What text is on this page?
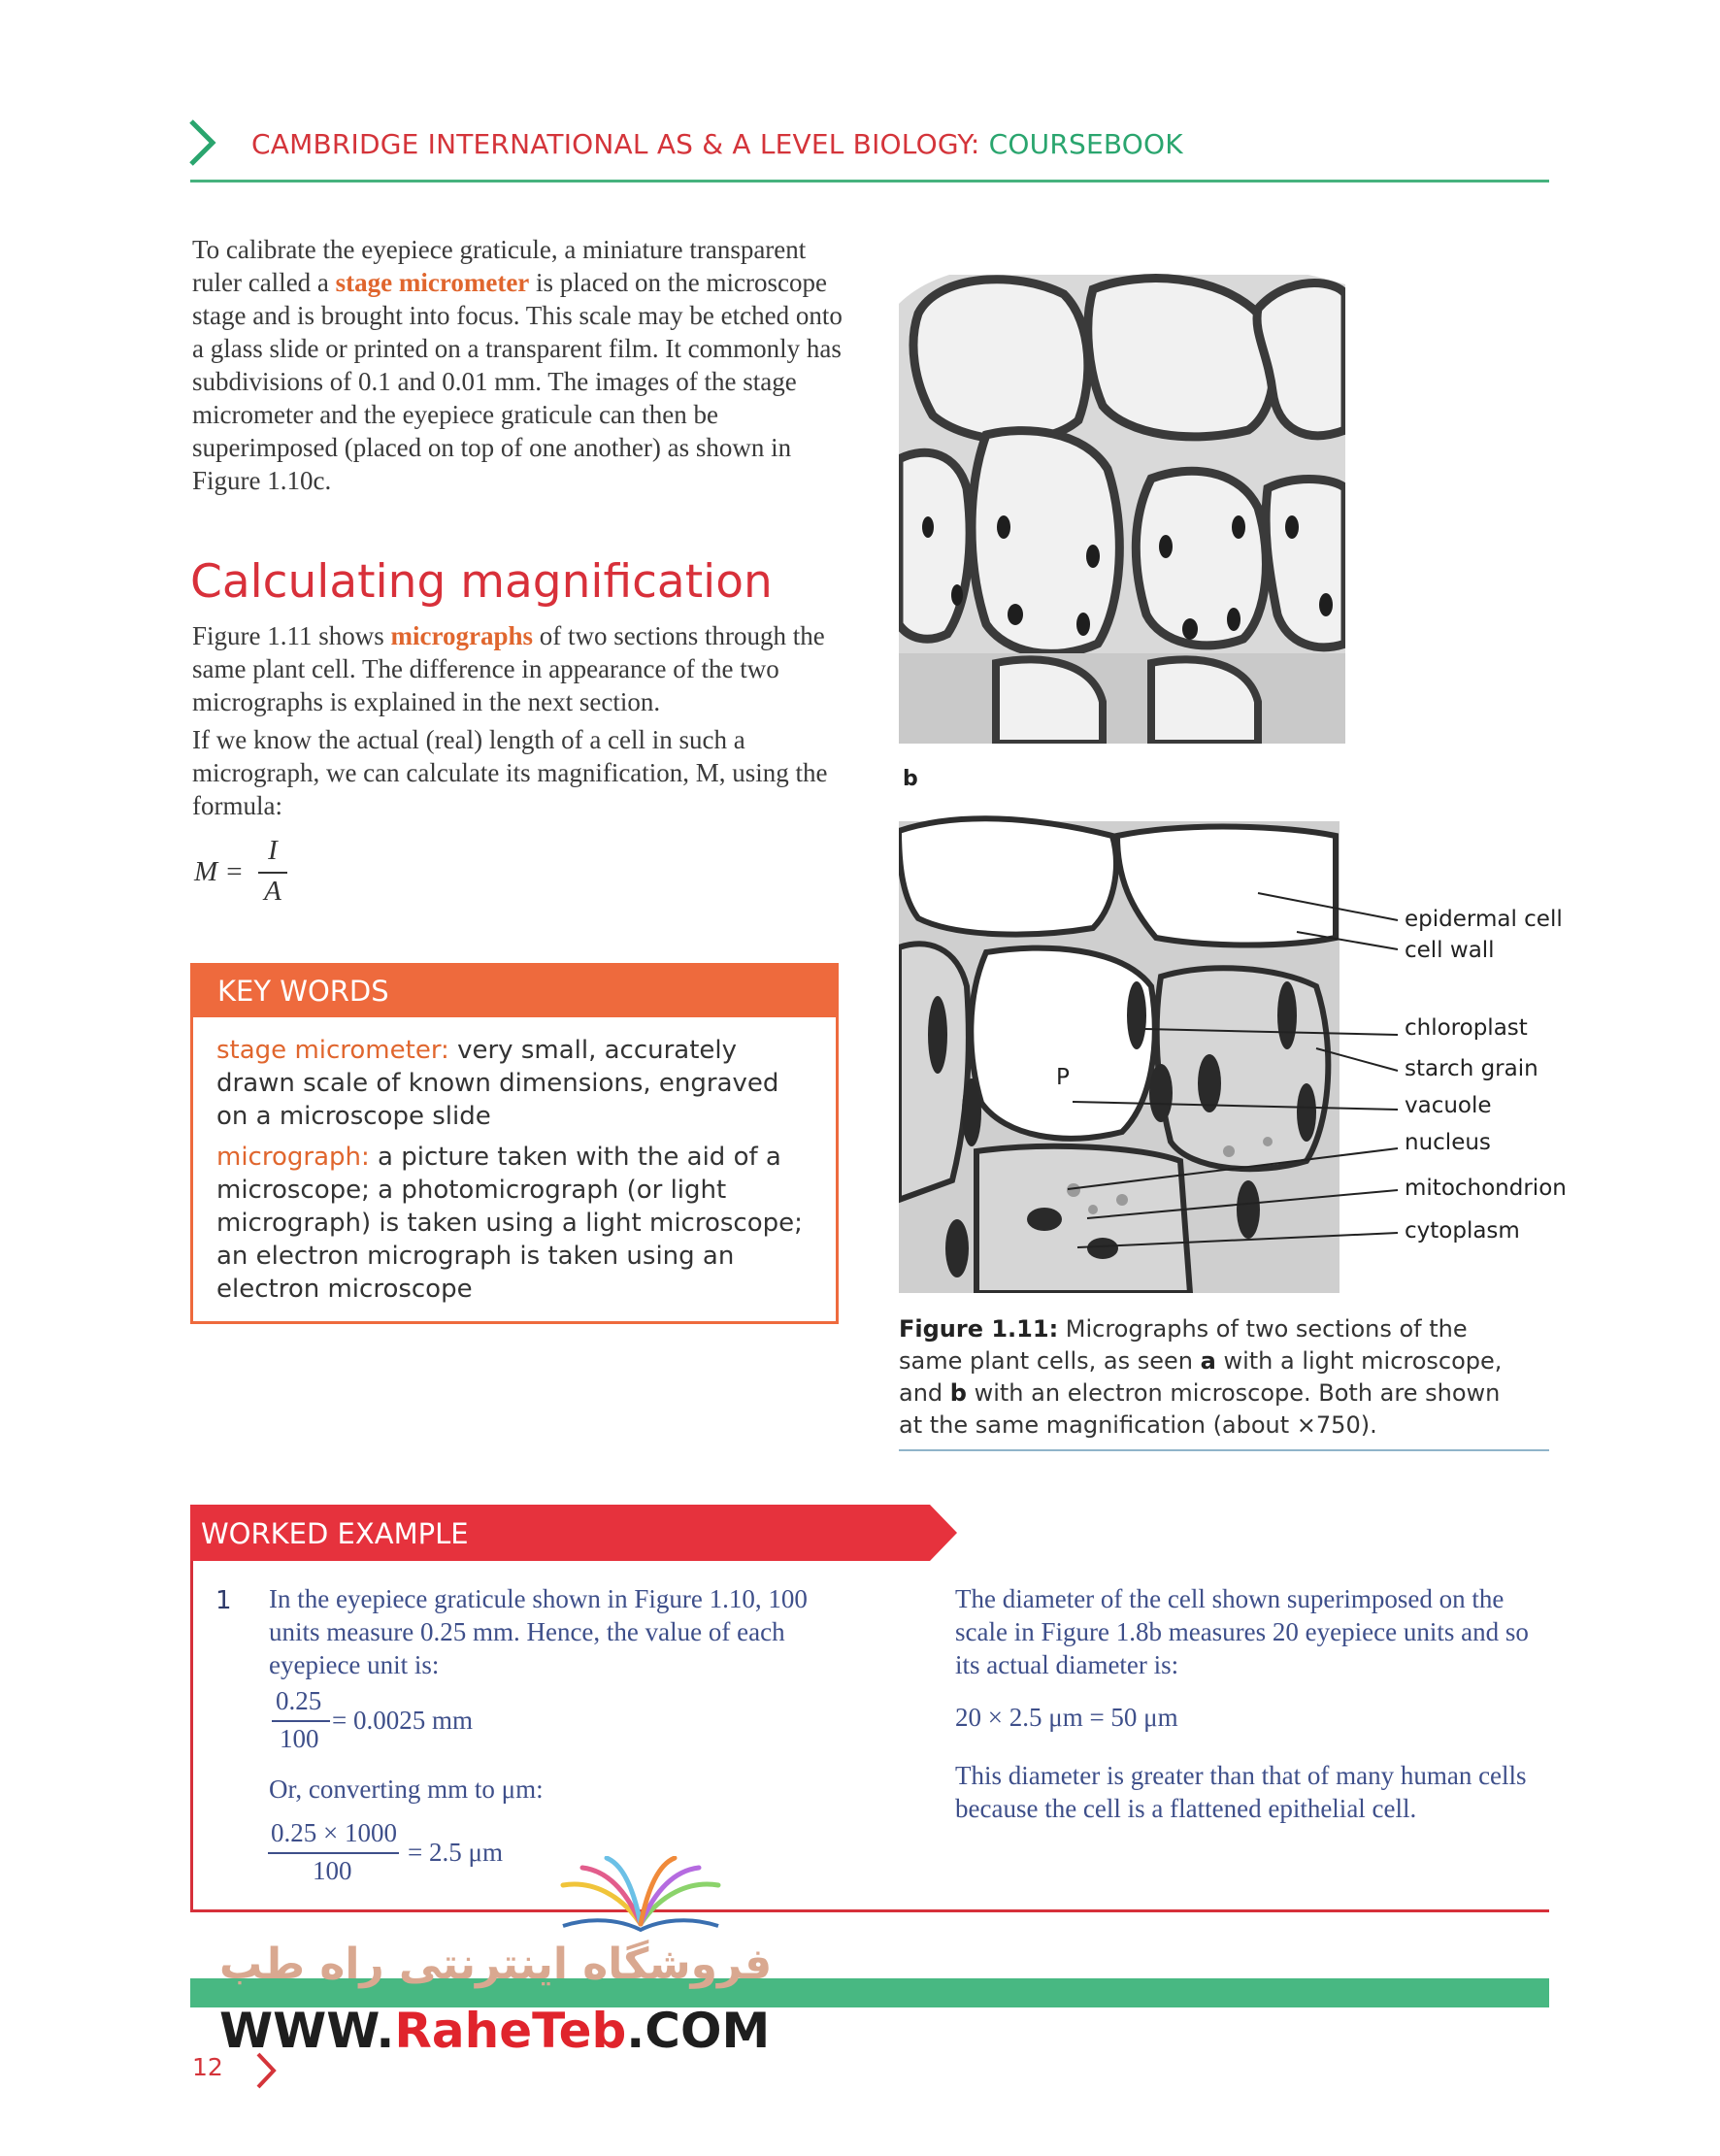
CAMBRIDGE INTERNATIONAL AS & A LEVEL BIOLOGY: COURSEBOOK
To calibrate the eyepiece graticule, a miniature transparent ruler called a stage micrometer is placed on the microscope stage and is brought into focus. This scale may be etched onto a glass slide or printed on a transparent film. It commonly has subdivisions of 0.1 and 0.01 mm. The images of the stage micrometer and the eyepiece graticule can then be superimposed (placed on top of one another) as shown in Figure 1.10c.
Calculating magnification
Figure 1.11 shows micrographs of two sections through the same plant cell. The difference in appearance of the two micrographs is explained in the next section.
If we know the actual (real) length of a cell in such a micrograph, we can calculate its magnification, M, using the formula:
M =
I
A
KEY WORDS
stage micrometer: very small, accurately drawn scale of known dimensions, engraved on a microscope slide
micrograph: a picture taken with the aid of a microscope; a photomicrograph (or light micrograph) is taken using a light microscope; an electron micrograph is taken using an electron microscope
b
P
epidermal cell
cell wall
chloroplast
starch grain
vacuole
nucleus
mitochondrion
cytoplasm
Figure 1.11: Micrographs of two sections of the same plant cells, as seen a with a light microscope, and b with an electron microscope. Both are shown at the same magnification (about ×750).
WORKED EXAMPLE
1 In the eyepiece graticule shown in Figure 1.10, 100 units measure 0.25 mm. Hence, the value of each eyepiece unit is:
0.25
100
= 0.0025 mm
Or, converting mm to μm:
0.25 × 1000
100
= 2.5 μm
The diameter of the cell shown superimposed on the scale in Figure 1.8b measures 20 eyepiece units and so its actual diameter is:
20 × 2.5 μm = 50 μm
This diameter is greater than that of many human cells because the cell is a flattened epithelial cell.
فروشگاه اینترنتی راه طب
WWW.RaheTeb.COM
12
